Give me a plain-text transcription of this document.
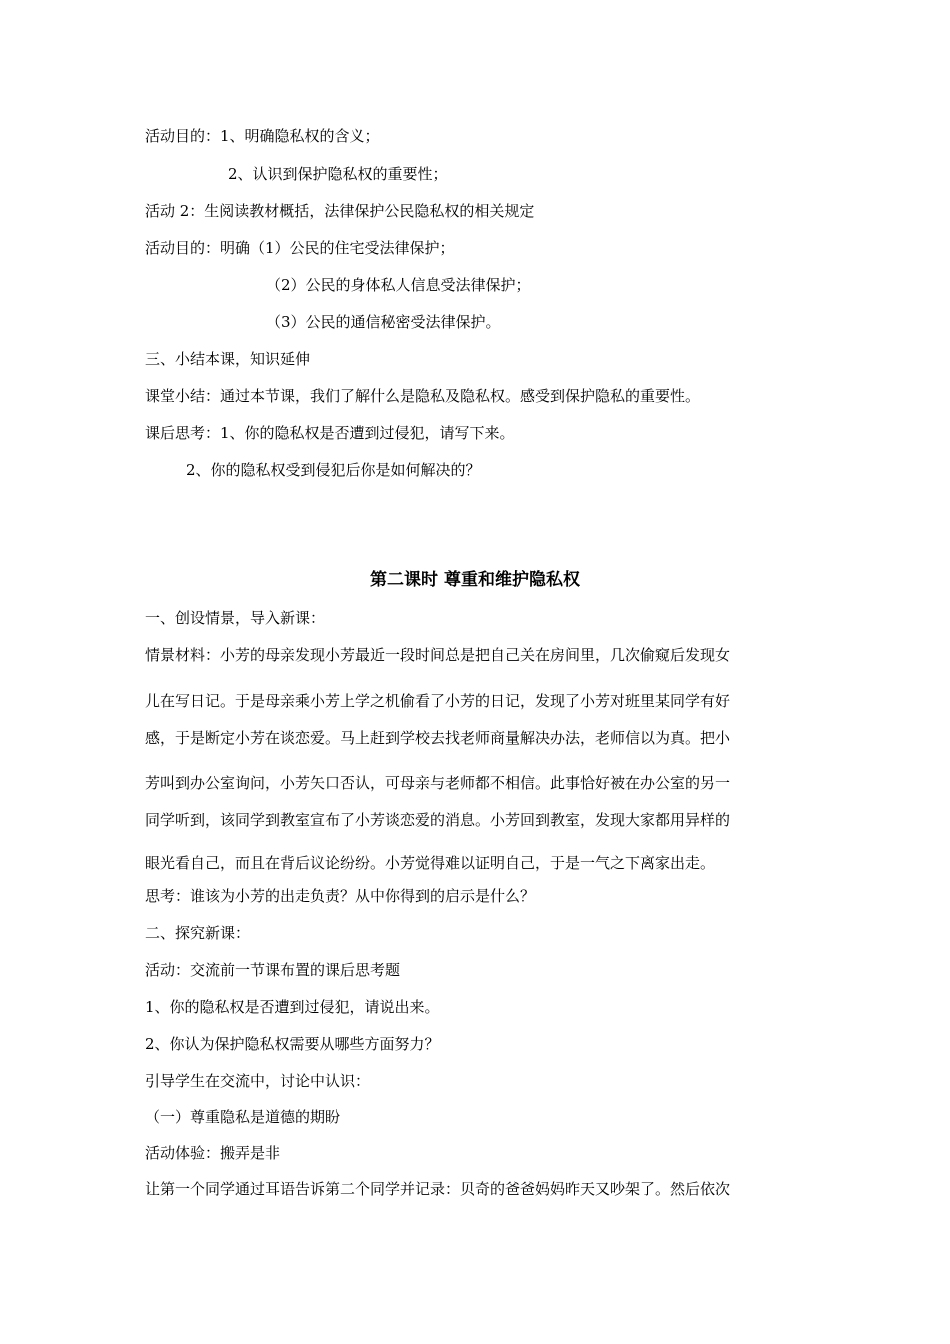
活动目的：1、明确隐私权的含义；
2、认识到保护隐私权的重要性；
活动 2：生阅读教材概括，法律保护公民隐私权的相关规定
活动目的：明确（1）公民的住宅受法律保护；
（2）公民的身体私人信息受法律保护；
（3）公民的通信秘密受法律保护。
三、小结本课，知识延伸
课堂小结：通过本节课，我们了解什么是隐私及隐私权。感受到保护隐私的重要性。
课后思考：1、你的隐私权是否遭到过侵犯，请写下来。
2、你的隐私权受到侵犯后你是如何解决的？
第二课时 尊重和维护隐私权
一、创设情景，导入新课：
情景材料：小芳的母亲发现小芳最近一段时间总是把自己关在房间里，几次偷窥后发现女
儿在写日记。于是母亲乘小芳上学之机偷看了小芳的日记，发现了小芳对班里某同学有好
感，于是断定小芳在谈恋爱。马上赶到学校去找老师商量解决办法，老师信以为真。把小
芳叫到办公室询问，小芳矢口否认，可母亲与老师都不相信。此事恰好被在办公室的另一
同学听到，该同学到教室宣布了小芳谈恋爱的消息。小芳回到教室，发现大家都用异样的
眼光看自己，而且在背后议论纷纷。小芳觉得难以证明自己，于是一气之下离家出走。
思考：谁该为小芳的出走负责？从中你得到的启示是什么？
二、探究新课：
活动：交流前一节课布置的课后思考题
1、你的隐私权是否遭到过侵犯，请说出来。
2、你认为保护隐私权需要从哪些方面努力？
引导学生在交流中，讨论中认识：
（一）尊重隐私是道德的期盼
活动体验：搬弄是非
让第一个同学通过耳语告诉第二个同学并记录：贝奇的爸爸妈妈昨天又吵架了。然后依次
